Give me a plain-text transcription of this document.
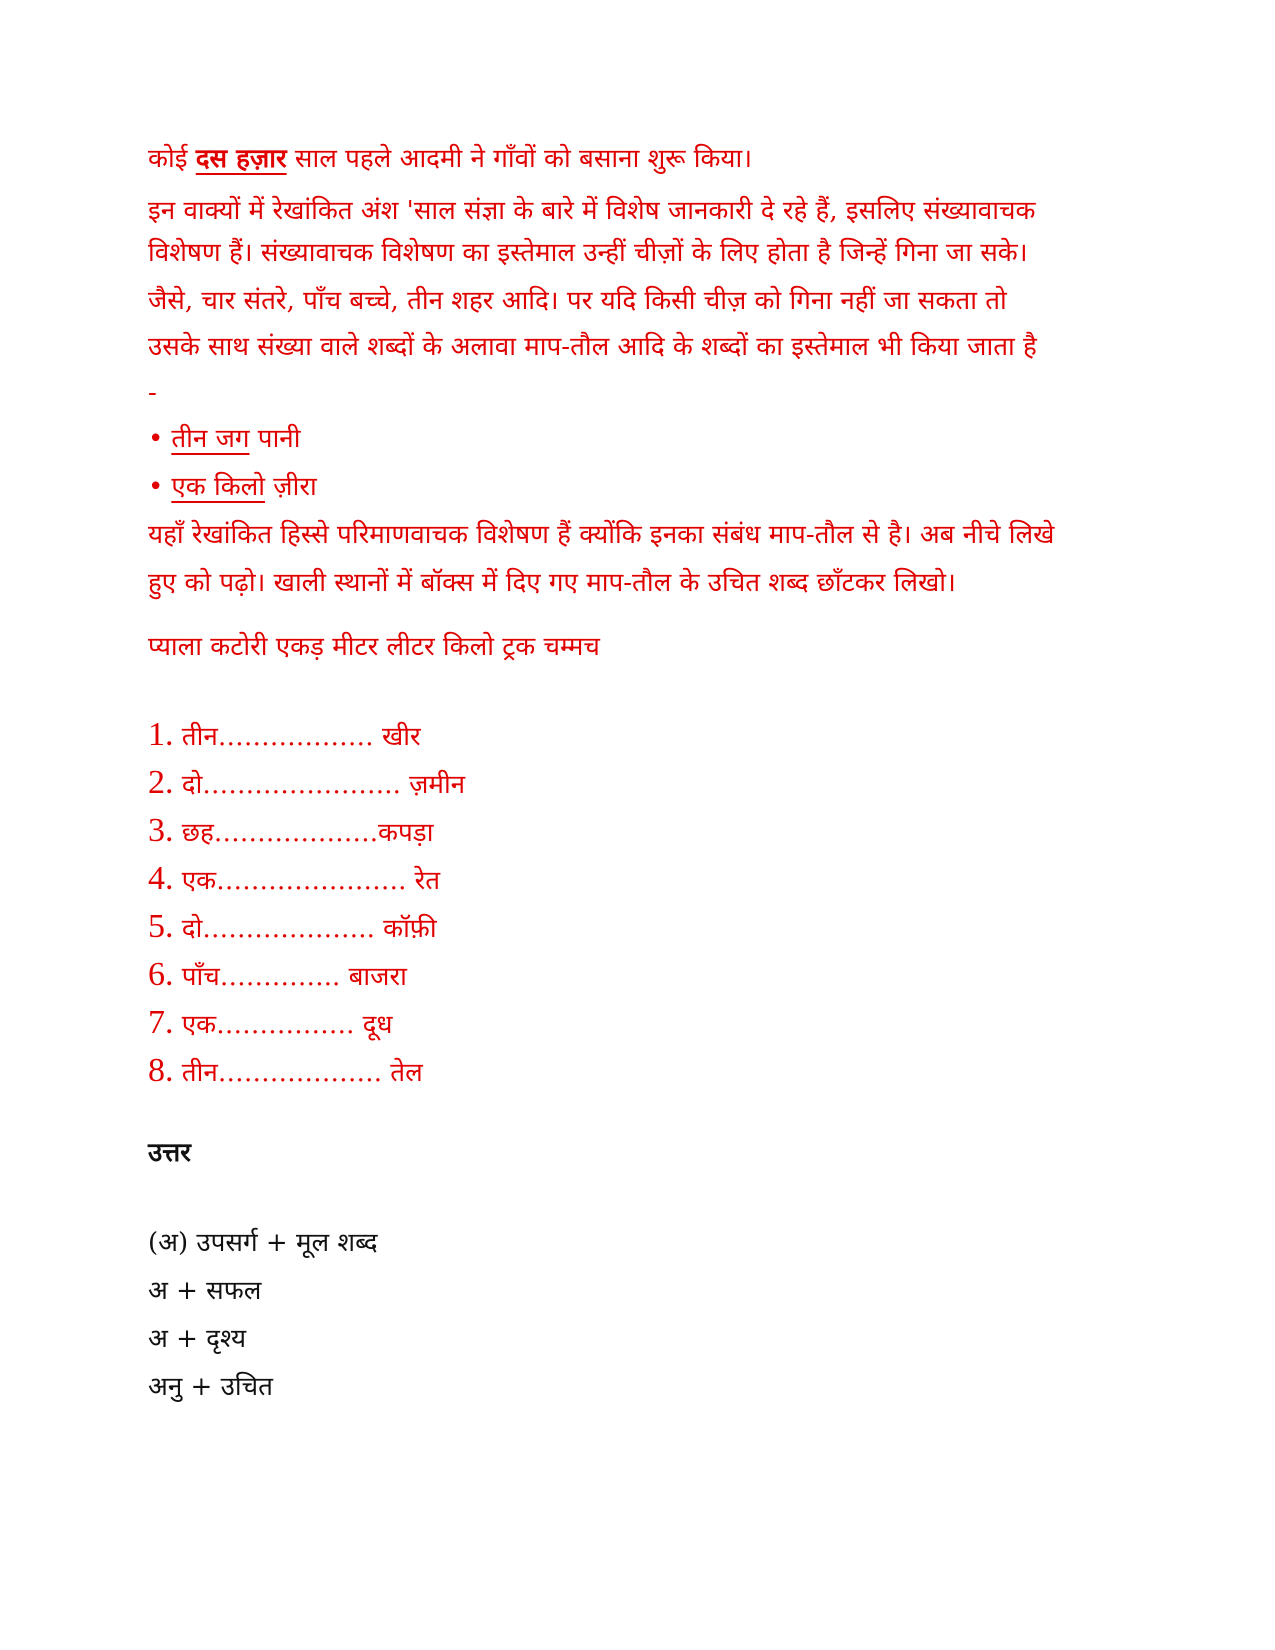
कोई दस हज़ार साल पहले आदमी ने गाँवों को बसाना शुरू किया।
इन वाक्यों में रेखांकित अंश 'साल संज्ञा के बारे में विशेष जानकारी दे रहे हैं, इसलिए संख्यावाचक
विशेषण हैं। संख्यावाचक विशेषण का इस्तेमाल उन्हीं चीज़ों के लिए होता है जिन्हें गिना जा सके।
जैसे, चार संतरे, पाँच बच्चे, तीन शहर आदि। पर यदि किसी चीज़ को गिना नहीं जा सकता तो
उसके साथ संख्या वाले शब्दों के अलावा माप-तौल आदि के शब्दों का इस्तेमाल भी किया जाता है
-
• तीन जग पानी
• एक किलो ज़ीरा
यहाँ रेखांकित हिस्से परिमाणवाचक विशेषण हैं क्योंकि इनका संबंध माप-तौल से है। अब नीचे लिखे
हुए को पढ़ो। खाली स्थानों में बॉक्स में दिए गए माप-तौल के उचित शब्द छाँटकर लिखो।
प्याला कटोरी एकड़ मीटर लीटर किलो ट्रक चम्मच
1. तीन……………… खीर
2. दो………………….. ज़मीन
3. छह……………….कपड़ा
4. एक…………………. रेत
5. दो……………….. कॉफ़ी
6. पाँच………….. बाजरा
7. एक……………. दूध
8. तीन………………. तेल
उत्तर
(अ) उपसर्ग + मूल शब्द
अ + सफल
अ + दृश्य
अनु + उचित
